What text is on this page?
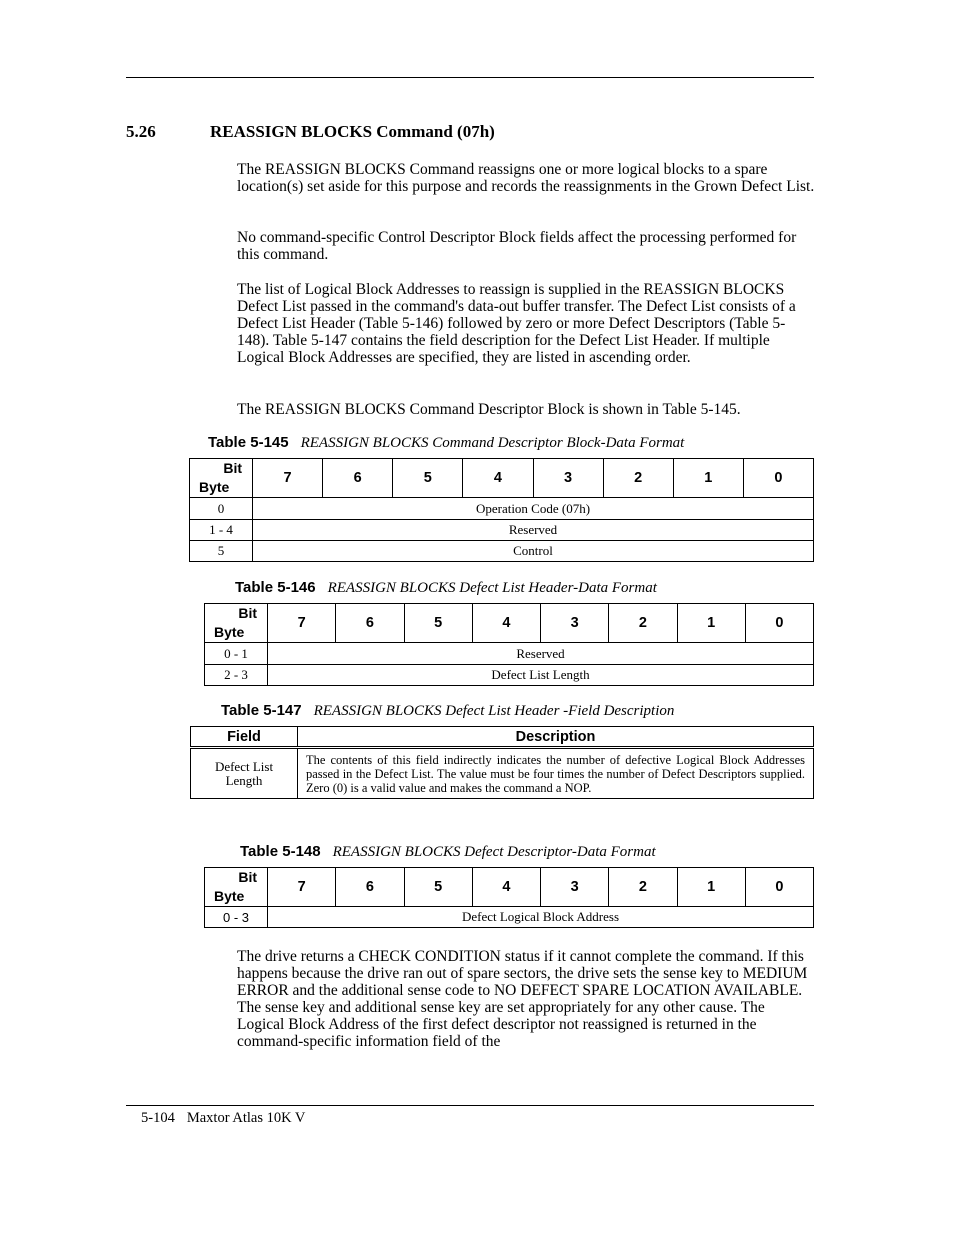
5.26	REASSIGN BLOCKS Command (07h)

The REASSIGN BLOCKS Command reassigns one or more logical blocks to a spare location(s) set aside for this purpose and records the reassignments in the Grown Defect List.

No command-specific Control Descriptor Block fields affect the processing performed for this command.

The list of Logical Block Addresses to reassign is supplied in the REASSIGN BLOCKS Defect List passed in the command's data-out buffer transfer. The Defect List consists of a Defect List Header (Table 5-146) followed by zero or more Defect Descriptors (Table 5-148). Table 5-147 contains the field description for the Defect List Header. If multiple Logical Block Addresses are specified, they are listed in ascending order.

The REASSIGN BLOCKS Command Descriptor Block is shown in Table 5-145.

Table 5-145 REASSIGN BLOCKS Command Descriptor Block-Data Format
Bit
Byte	7	6	5	4	3	2	1	0
0	Operation Code (07h)							
1 - 4	Reserved							
5	Control							
Table 5-146 REASSIGN BLOCKS Defect List Header-Data Format
Bit
Byte	7	6	5	4	3	2	1	0
0 - 1	Reserved							
2 - 3	Defect List Length							
Table 5-147 REASSIGN BLOCKS Defect List Header -Field Description
Field	Description
Defect List Length	The contents of this field indirectly indicates the number of defective Logical Block Addresses passed in the Defect List. The value must be four times the number of Defect Descriptors supplied. Zero (0) is a valid value and makes the command a NOP.
Table 5-148 REASSIGN BLOCKS Defect Descriptor-Data Format
Bit
Byte	7	6	5	4	3	2	1	0
0 - 3	Defect Logical Block Address							

The drive returns a CHECK CONDITION status if it cannot complete the command. If this happens because the drive ran out of spare sectors, the drive sets the sense key to MEDIUM ERROR and the additional sense code to NO DEFECT SPARE LOCATION AVAILABLE. The sense key and additional sense key are set appropriately for any other cause. The Logical Block Address of the first defect descriptor not reassigned is returned in the command-specific information field of the

5-104 Maxtor Atlas 10K V
